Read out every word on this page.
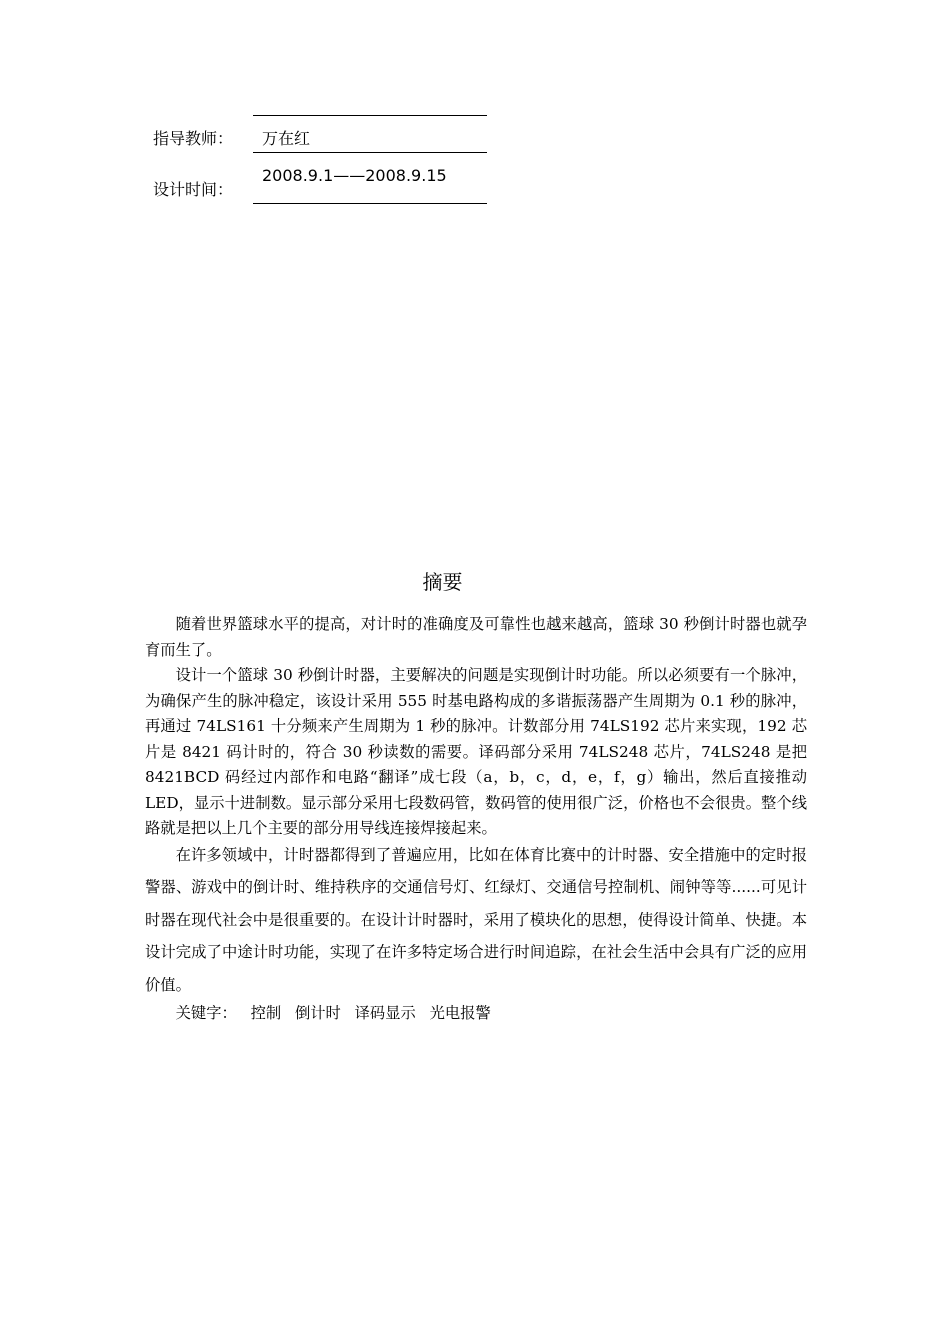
指导教师： 万在红
2008.9.1——2008.9.15
设计时间：
摘要

随着世界篮球水平的提高，对计时的准确度及可靠性也越来越高，篮球 30 秒倒计时器也就孕育而生了。

设计一个篮球 30 秒倒计时器，主要解决的问题是实现倒计时功能。所以必须要有一个脉冲，为确保产生的脉冲稳定，该设计采用 555 时基电路构成的多谐振荡器产生周期为 0.1 秒的脉冲，再通过 74LS161 十分频来产生周期为 1 秒的脉冲。计数部分用 74LS192 芯片来实现，192 芯片是 8421 码计时的，符合 30 秒读数的需要。译码部分采用 74LS248 芯片，74LS248 是把 8421BCD 码经过内部作和电路“翻译”成七段（a，b，c，d，e，f，g）输出，然后直接推动 LED，显示十进制数。显示部分采用七段数码管，数码管的使用很广泛，价格也不会很贵。整个线路就是把以上几个主要的部分用导线连接焊接起来。

在许多领域中，计时器都得到了普遍应用，比如在体育比赛中的计时器、安全措施中的定时报警器、游戏中的倒计时、维持秩序的交通信号灯、红绿灯、交通信号控制机、闹钟等等......可见计时器在现代社会中是很重要的。在设计计时器时，采用了模块化的思想，使得设计简单、快捷。本设计完成了中途计时功能，实现了在许多特定场合进行时间追踪，在社会生活中会具有广泛的应用价值。

关键字： 控制 倒计时 译码显示 光电报警
